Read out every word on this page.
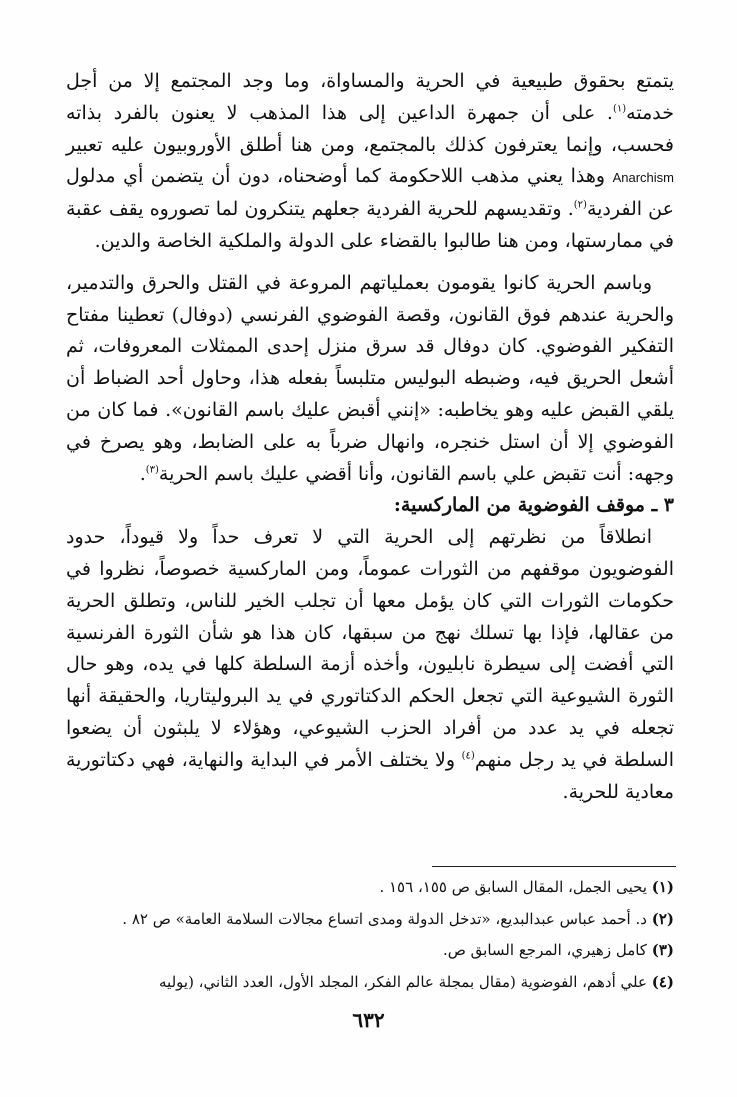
يتمتع بحقوق طبيعية في الحرية والمساواة، وما وجد المجتمع إلا من أجل خدمته$^{(١)}$. على أن جمهرة الداعين إلى هذا المذهب لا يعنون بالفرد بذاته فحسب، وإنما يعترفون كذلك بالمجتمع، ومن هنا أطلق الأوروبيون عليه تعبير Anarchism وهذا يعني مذهب اللاحكومة كما أوضحناه، دون أن يتضمن أي مدلول عن الفردية$^{(٢)}$. وتقديسهم للحرية الفردية جعلهم يتنكرون لما تصوروه يقف عقبة في ممارستها، ومن هنا طالبوا بالقضاء على الدولة والملكية الخاصة والدين.

وباسم الحرية كانوا يقومون بعملياتهم المروعة في القتل والحرق والتدمير، والحرية عندهم فوق القانون، وقصة الفوضوي الفرنسي (دوفال) تعطينا مفتاح التفكير الفوضوي. كان دوفال قد سرق منزل إحدى الممثلات المعروفات، ثم أشعل الحريق فيه، وضبطه البوليس متلبساً بفعله هذا، وحاول أحد الضباط أن يلقي القبض عليه وهو يخاطبه: «إنني أقبض عليك باسم القانون». فما كان من الفوضوي إلا أن استل خنجره، وانهال ضرباً به على الضابط، وهو يصرخ في وجهه: أنت تقبض علي باسم القانون، وأنا أقضي عليك باسم الحرية$^{(٣)}$.

٣ ـ موقف الفوضوية من الماركسية:

انطلاقاً من نظرتهم إلى الحرية التي لا تعرف حداً ولا قيوداً، حدود الفوضويون موقفهم من الثورات عموماً، ومن الماركسية خصوصاً، نظروا في حكومات الثورات التي كان يؤمل معها أن تجلب الخير للناس، وتطلق الحرية من عقالها، فإذا بها تسلك نهج من سبقها، كان هذا هو شأن الثورة الفرنسية التي أفضت إلى سيطرة نابليون، وأخذه أزمة السلطة كلها في يده، وهو حال الثورة الشيوعية التي تجعل الحكم الدكتاتوري في يد البروليتاريا، والحقيقة أنها تجعله في يد عدد من أفراد الحزب الشيوعي، وهؤلاء لا يلبثون أن يضعوا السلطة في يد رجل منهم$^{(٤)}$ ولا يختلف الأمر في البداية والنهاية، فهي دكتاتورية معادية للحرية.

(١) يحيى الجمل، المقال السابق ص ١٥٥، ١٥٦ .

(٢) د. أحمد عباس عبدالبديع، «تدخل الدولة ومدى اتساع مجالات السلامة العامة» ص ٨٢ .

(٣) كامل زهيري، المرجع السابق ص.

(٤) علي أدهم، الفوضوية (مقال بمجلة عالم الفكر، المجلد الأول، العدد الثاني، (يوليه

٦٣٢
